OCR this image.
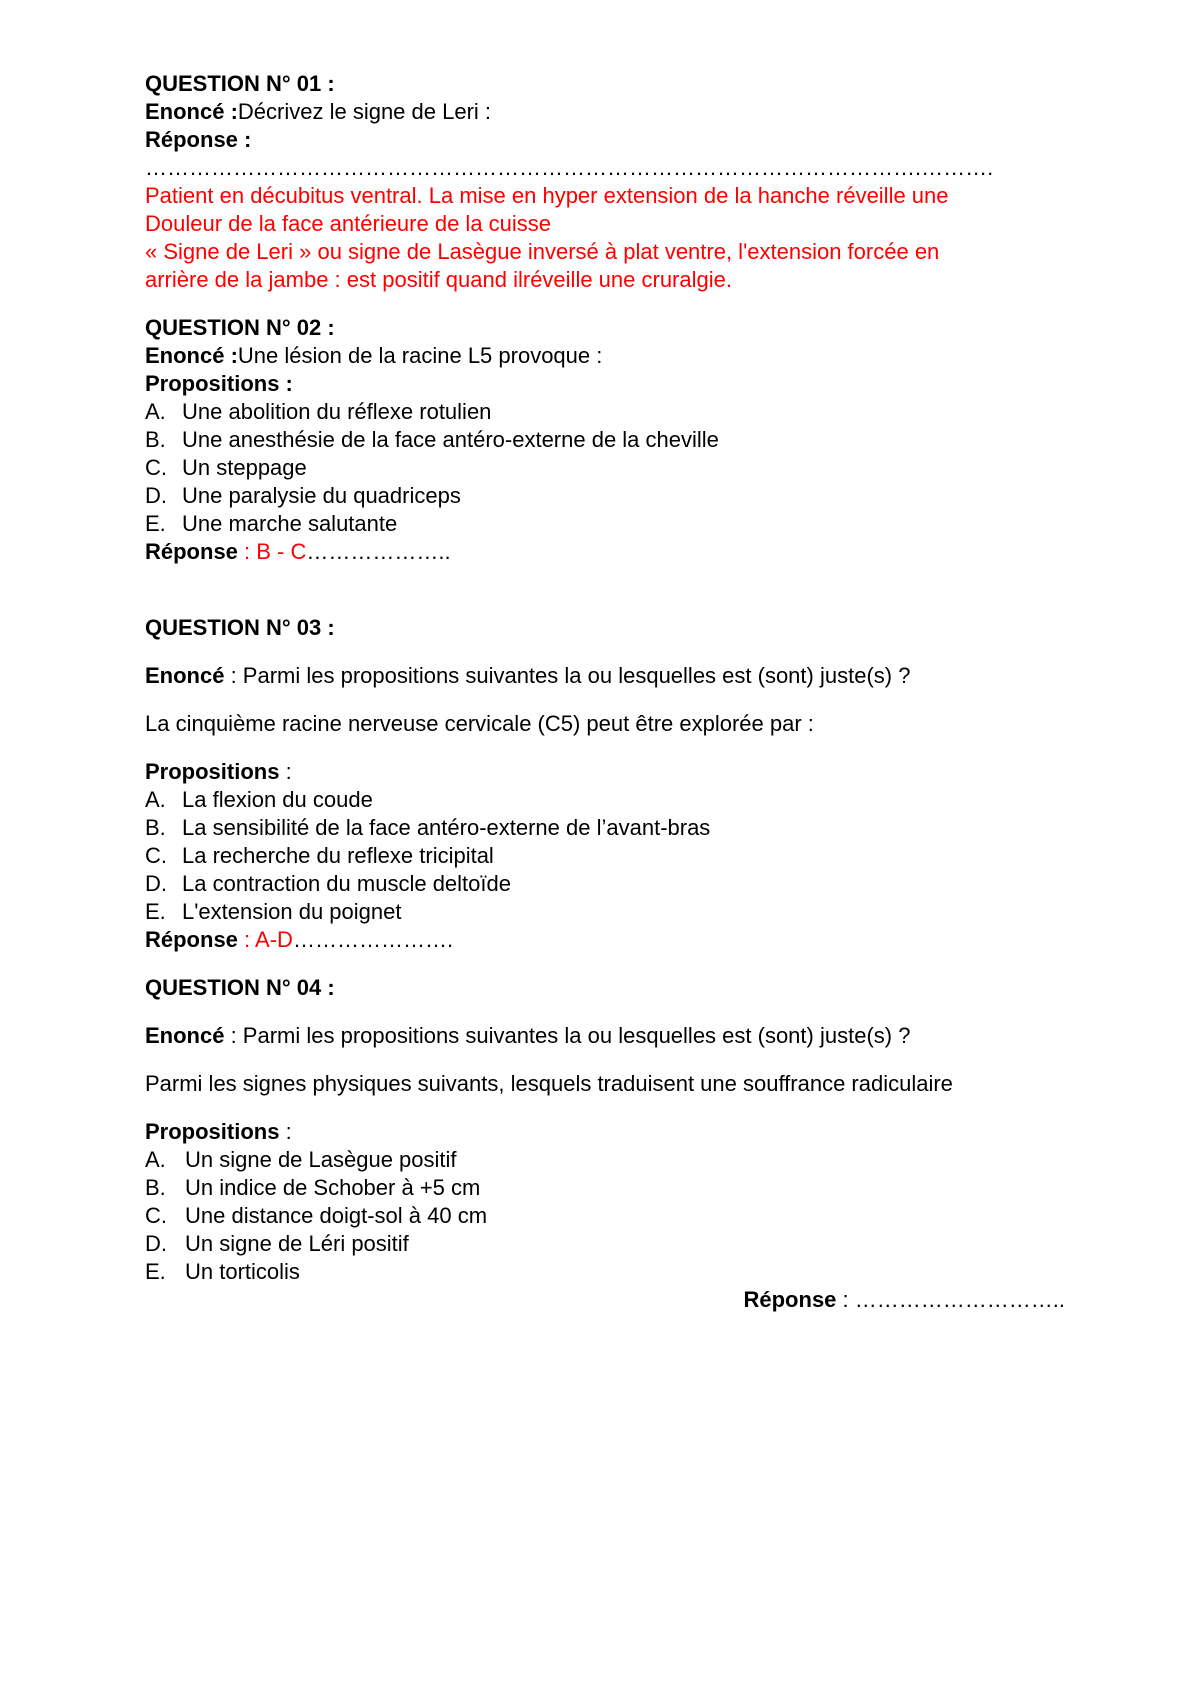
QUESTION N° 01 :
Enoncé :Décrivez le signe de Leri :
Réponse :
…………………………………………………………………………………………….……….
Patient en décubitus ventral. La mise en hyper extension de la hanche réveille une
Douleur de la face antérieure de la cuisse
« Signe de Leri » ou signe de Lasègue inversé à plat ventre, l'extension forcée en
arrière de la jambe : est positif quand ilréveille une cruralgie.
QUESTION N° 02 :
Enoncé :Une lésion de la racine L5 provoque :
Propositions :
A. Une abolition du réflexe rotulien
B. Une anesthésie de la face antéro-externe de la cheville
C. Un steppage
D. Une paralysie du quadriceps
E. Une marche salutante
Réponse : B - C………………..
QUESTION N° 03 :
Enoncé : Parmi les propositions suivantes la ou lesquelles est (sont) juste(s) ?
La cinquième racine nerveuse cervicale (C5) peut être explorée par :
Propositions :
A. La flexion du coude
B. La sensibilité de la face antéro-externe de l’avant-bras
C. La recherche du reflexe tricipital
D. La contraction du muscle deltoïde
E. L'extension du poignet
Réponse : A-D………………….
QUESTION N° 04 :
Enoncé : Parmi les propositions suivantes la ou lesquelles est (sont) juste(s) ?
Parmi les signes physiques suivants, lesquels traduisent une souffrance radiculaire
Propositions :
A. Un signe de Lasègue positif
B. Un indice de Schober à +5 cm
C. Une distance doigt-sol à 40 cm
D. Un signe de Léri positif
E. Un torticolis
Réponse : ………………………..
